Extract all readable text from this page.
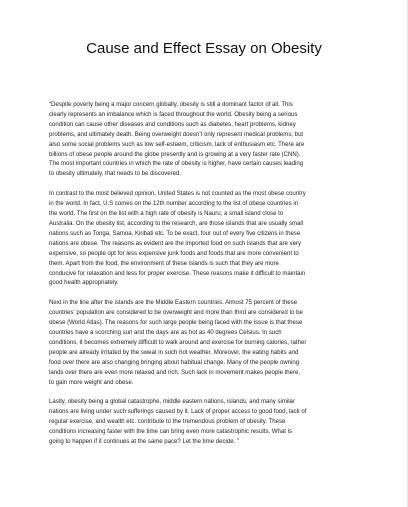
Cause and Effect Essay on Obesity

“Despite poverty being a major concern globally, obesity is still a dominant factor of all. This
clearly represents an imbalance which is faced throughout the world. Obesity being a serious
condition can cause other diseases and conditions such as diabetes, heart problems, kidney
problems, and ultimately death. Being overweight doesn’t only represent medical problems, but
also some social problems such as low self-esteem, criticism, lack of enthusiasm etc. There are
billions of obese people around the globe presently and is growing at a very faster rate (CNN).
The most important countries in which the rate of obesity is higher, have certain causes leading
to obesity ultimately, that needs to be discovered.

In contrast to the most believed opinion, United States is not counted as the most obese country
in the world. In fact, U.S comes on the 12th number according to the list of obese countries in
the world. The first on the list with a high rate of obesity is Nauru; a small island close to
Australia. On the obesity list, according to the research, are those islands that are usually small
nations such as Tonga, Samoa, Kiribati etc. To be exact, four out of every five citizens in these
nations are obese. The reasons as evident are the imported food on such islands that are very
expensive, so people opt for less expensive junk foods and foods that are more convenient to
them. Apart from the food, the environment of these islands is such that they are more
conducive for relaxation and less for proper exercise. These reasons make it difficult to maintain
good health appropriately.

Next in the line after the islands are the Middle Eastern countries. Almost 75 percent of these
countries’ population are considered to be overweight and more than third are considered to be
obese (World Atlas). The reasons for such large people being faced with the issue is that these
countries have a scorching sun and the days are as hot as 40 degrees Celsius. In such
conditions, it becomes extremely difficult to walk around and exercise for burning calories, rather
people are already irritated by the sweat in such hot weather. Moreover, the eating habits and
food over there are also changing bringing about habitual change. Many of the people owning
lands over there are even more relaxed and rich. Such lack in movement makes people there,
to gain more weight and obese.

Lastly, obesity being a global catastrophe, middle eastern nations, islands, and many similar
nations are living under such sufferings caused by it. Lack of proper access to good food, lack of
regular exercise, and wealth etc. contribute to the tremendous problem of obesity. These
conditions increasing faster with the time can bring even more catastrophic results. What is
going to happen if it continues at the same pace? Let the time decide. ”
